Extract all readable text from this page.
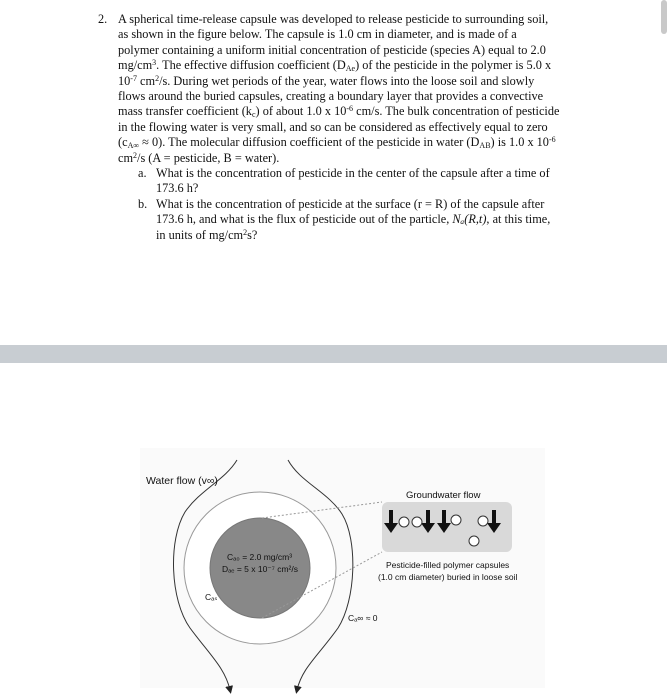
2. A spherical time-release capsule was developed to release pesticide to surrounding soil,
as shown in the figure below. The capsule is 1.0 cm in diameter, and is made of a
polymer containing a uniform initial concentration of pesticide (species A) equal to 2.0
$mg/cm^3$. The effective diffusion coefficient $(D_{Ae})$ of the pesticide in the polymer is 5.0 x
$10^{-7}$ $cm^2/s$. During wet periods of the year, water flows into the loose soil and slowly
flows around the buried capsules, creating a boundary layer that provides a convective
mass transfer coefficient $(k_c)$ of about 1.0 x $10^{-6}$ cm/s. The bulk concentration of pesticide
in the flowing water is very small, and so can be considered as effectively equal to zero
$(c_{A\infty} \approx 0)$. The molecular diffusion coefficient of the pesticide in water $(D_{AB})$ is 1.0 x $10^{-6}$
$cm^2/s$ (A = pesticide, B = water).
a. What is the concentration of pesticide in the center of the capsule after a time of
173.6 h?
b. What is the concentration of pesticide at the surface (r = R) of the capsule after
173.6 h, and what is the flux of pesticide out of the particle, Nₐ(R,t), at this time,
in units of $mg/cm^2s$?
Water flow (v∞)
Cₐ₀ = 2.0 mg/cm³
Dₐₑ = 5 x 10⁻⁷ cm²/s
Cₐₛ
Cₐ∞ ≈ 0
Groundwater flow
Pesticide-filled polymer capsules
(1.0 cm diameter) buried in loose soil
